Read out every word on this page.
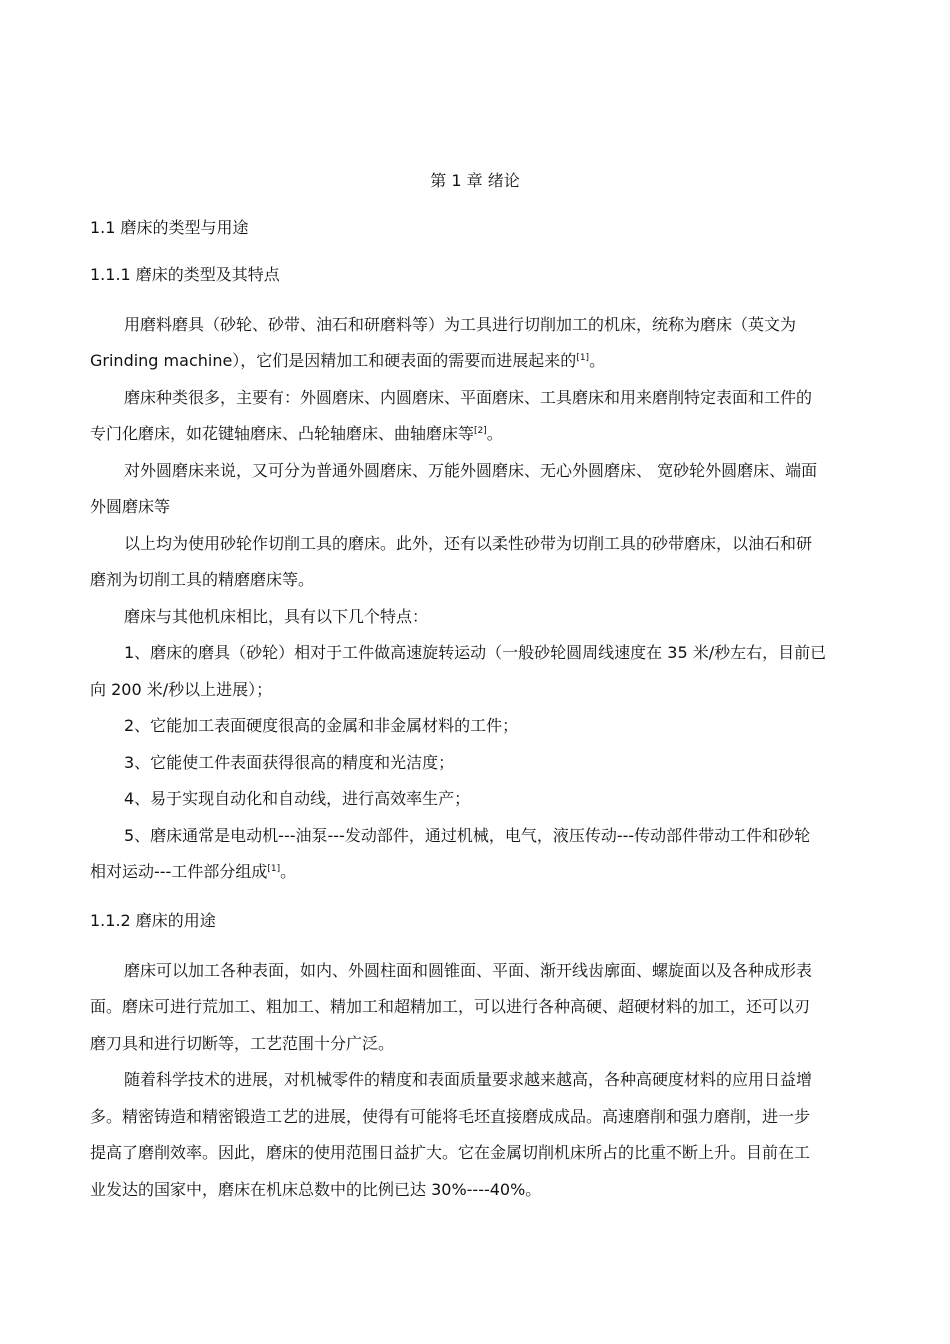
第 1 章 绪论
1.1 磨床的类型与用途
1.1.1 磨床的类型及其特点
用磨料磨具（砂轮、砂带、油石和研磨料等）为工具进行切削加工的机床，统称为磨床（英文为
Grinding machine），它们是因精加工和硬表面的需要而进展起来的[1]。
磨床种类很多，主要有：外圆磨床、内圆磨床、平面磨床、工具磨床和用来磨削特定表面和工件的
专门化磨床，如花键轴磨床、凸轮轴磨床、曲轴磨床等[2]。
对外圆磨床来说，又可分为普通外圆磨床、万能外圆磨床、无心外圆磨床、 宽砂轮外圆磨床、端面
外圆磨床等
以上均为使用砂轮作切削工具的磨床。此外，还有以柔性砂带为切削工具的砂带磨床，以油石和研
磨剂为切削工具的精磨磨床等。
磨床与其他机床相比，具有以下几个特点：
1、磨床的磨具（砂轮）相对于工件做高速旋转运动（一般砂轮圆周线速度在 35 米/秒左右，目前已
向 200 米/秒以上进展）；
2、它能加工表面硬度很高的金属和非金属材料的工件；
3、它能使工件表面获得很高的精度和光洁度；
4、易于实现自动化和自动线，进行高效率生产；
5、磨床通常是电动机---油泵---发动部件，通过机械，电气，液压传动---传动部件带动工件和砂轮
相对运动---工件部分组成[1]。
1.1.2 磨床的用途
磨床可以加工各种表面，如内、外圆柱面和圆锥面、平面、渐开线齿廓面、螺旋面以及各种成形表
面。磨床可进行荒加工、粗加工、精加工和超精加工，可以进行各种高硬、超硬材料的加工，还可以刃
磨刀具和进行切断等，工艺范围十分广泛。
随着科学技术的进展，对机械零件的精度和表面质量要求越来越高，各种高硬度材料的应用日益增
多。精密铸造和精密锻造工艺的进展，使得有可能将毛坯直接磨成成品。高速磨削和强力磨削，进一步
提高了磨削效率。因此，磨床的使用范围日益扩大。它在金属切削机床所占的比重不断上升。目前在工
业发达的国家中，磨床在机床总数中的比例已达 30%----40%。
